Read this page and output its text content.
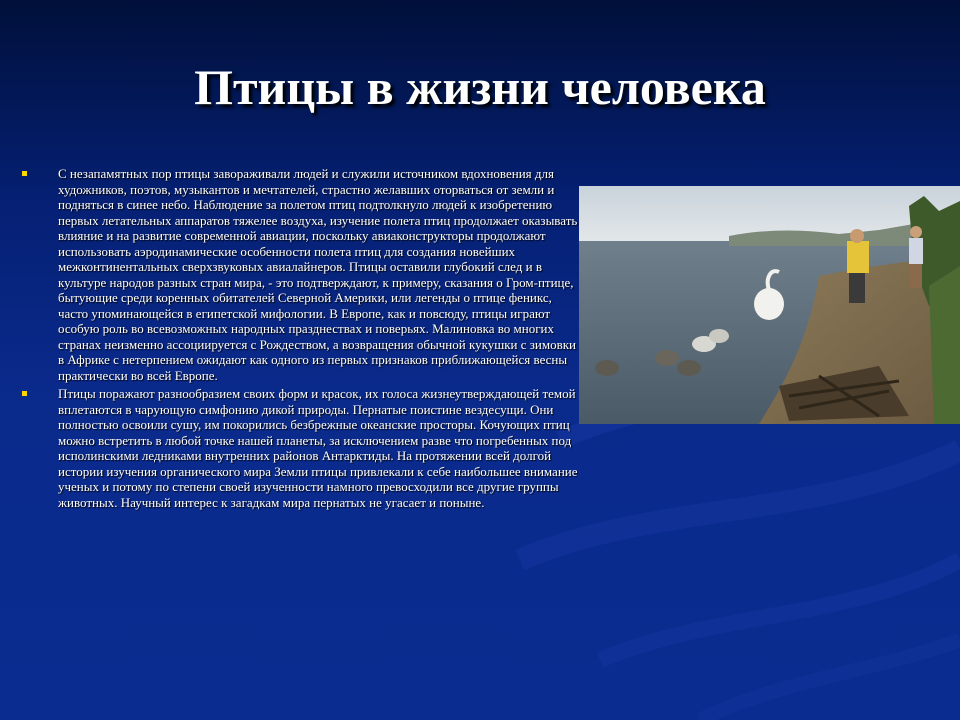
Птицы в жизни человека
С незапамятных пор птицы завораживали людей и служили источником вдохновения для художников, поэтов, музыкантов и мечтателей, страстно желавших оторваться от земли и подняться в синее небо. Наблюдение за полетом птиц подтолкнуло людей к изобретению первых летательных аппаратов тяжелее воздуха, изучение полета птиц продолжает оказывать влияние и на развитие современной авиации, поскольку авиаконструкторы продолжают использовать аэродинамические особенности полета птиц для создания новейших межконтинентальных сверхзвуковых авиалайнеров. Птицы оставили глубокий след и в культуре народов разных стран мира, - это подтверждают, к примеру, сказания о Гром-птице, бытующие среди коренных обитателей Северной Америки, или легенды о птице феникс, часто упоминающейся в египетской мифологии. В Европе, как и повсюду, птицы играют особую роль во всевозможных народных празднествах и поверьях. Малиновка во многих странах неизменно ассоциируется с Рождеством, а возвращения обычной кукушки с зимовки в Африке с нетерпением ожидают как одного из первых признаков приближающейся весны практически во всей Европе.
Птицы поражают разнообразием своих форм и красок, их голоса жизнеутверждающей темой вплетаются в чарующую симфонию дикой природы. Пернатые поистине вездесущи. Они полностью освоили сушу, им покорились безбрежные океанские просторы. Кочующих птиц можно встретить в любой точке нашей планеты, за исключением разве что погребенных под исполинскими ледниками внутренних районов Антарктиды. На протяжении всей долгой истории изучения органического мира Земли птицы привлекали к себе наибольшее внимание ученых и потому по степени своей изученности намного превосходили все другие группы животных. Научный интерес к загадкам мира пернатых не угасает и поныне.
